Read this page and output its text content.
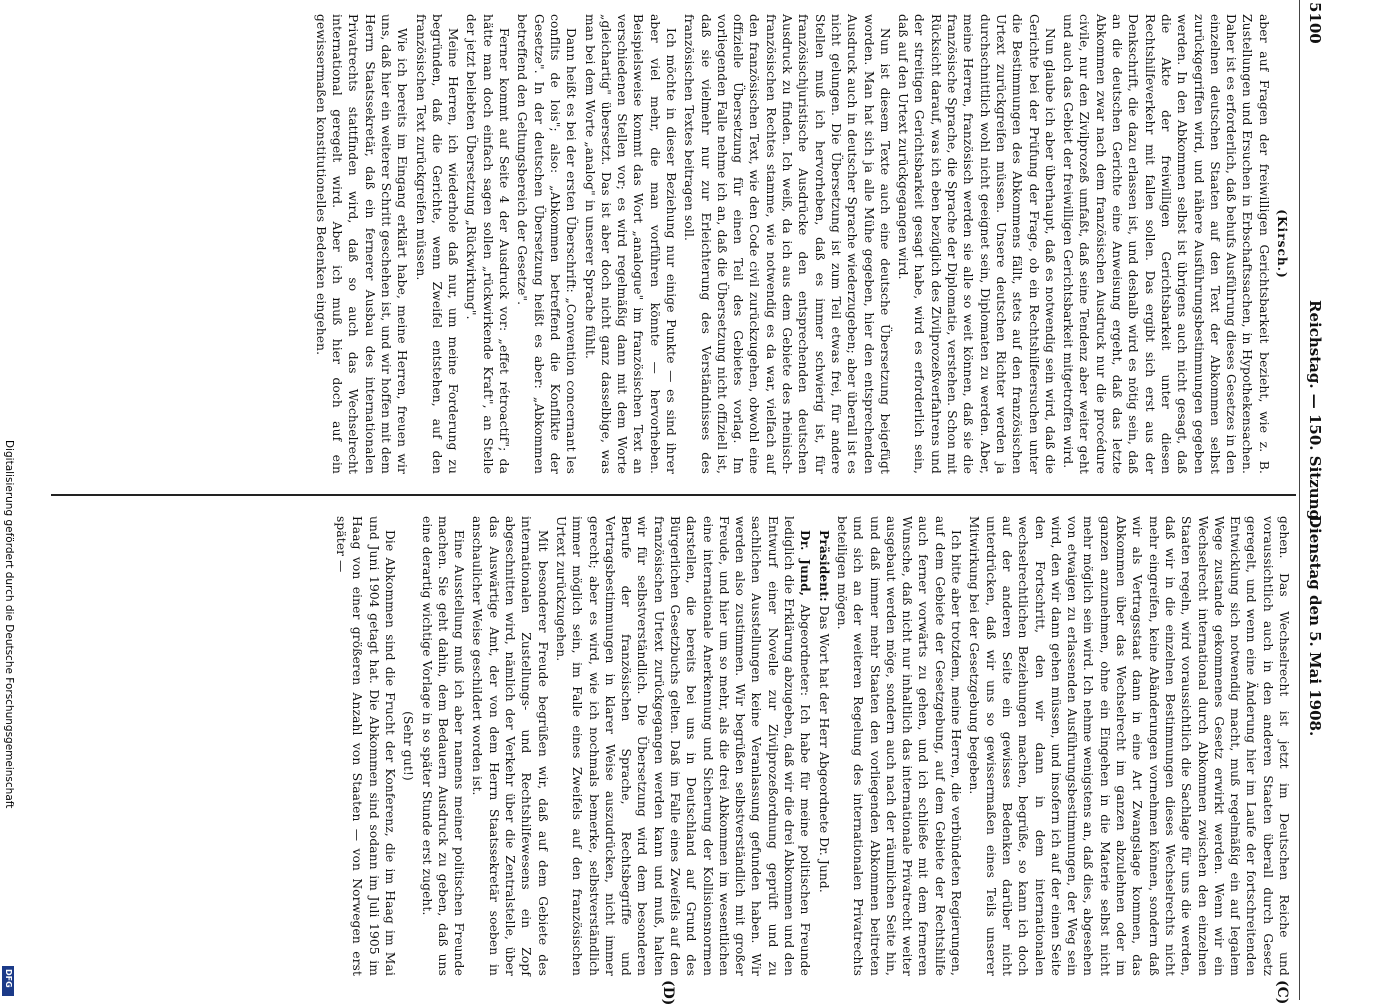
5100
Reichstag. — 150. Sitzung.
Dienstag den 5. Mai 1908.
(C)
(D)
(Kirsch.)

aber auf Fragen der freiwilligen Gerichtsbarkeit bezieht, wie z. B. Zustellungen und Ersuchen in Erbschaftssachen, in Hypothekensachen. Daher ist es erforderlich, daß behufs Ausführung dieses Gesetzes in den einzelnen deutschen Staaten auf den Text der Abkommen selbst zurückgegriffen wird, und nähere Ausführungsbestimmungen gegeben werden. In den Abkommen selbst ist übrigens auch nicht gesagt, daß die Akte der freiwilligen Gerichtsbarkeit unter diesen Rechtshilfeverkehr mit fallen sollen. Das ergibt sich erst aus der Denkschrift, die dazu erlassen ist, und deshalb wird es nötig sein, daß an die deutschen Gerichte eine Anweisung ergeht, daß das letzte Abkommen zwar nach dem französischen Ausdruck nur die procédure civile, nur den Zivilprozeß umfaßt, daß seine Tendenz aber weiter geht und auch das Gebiet der freiwilligen Gerichtsbarkeit mitgetroffen wird.

Nun glaube ich aber überhaupt, daß es notwendig sein wird, daß die Gerichte bei der Prüfung der Frage, ob ein Rechtshilfeersuchen unter die Bestimmungen des Abkommens fällt, stets auf den französischen Urtext zurückgreifen müssen. Unsere deutschen Richter werden ja durchschnittlich wohl nicht geeignet sein, Diplomaten zu werden. Aber, meine Herren, französisch werden sie alle so weit können, daß sie die französische Sprache, die Sprache der Diplomatie, verstehen. Schon mit Rücksicht darauf, was ich eben bezüglich des Zivilprozeßverfahrens und der streitigen Gerichtsbarkeit gesagt habe, wird es erforderlich sein, daß auf den Urtext zurückgegangen wird.

Nun ist diesem Texte auch eine deutsche Übersetzung beigefügt worden. Man hat sich ja alle Mühe gegeben, hier den entsprechenden Ausdruck auch in deutscher Sprache wiederzugeben; aber überall ist es nicht gelungen. Die Übersetzung ist zum Teil etwas frei, für andere Stellen muß ich hervorheben, daß es immer schwierig ist, für französischjuristische Ausdrücke den entsprechenden deutschen Ausdruck zu finden. Ich weiß, da ich aus dem Gebiete des rheinisch-französischen Rechtes stamme, wie notwendig es da war, vielfach auf den französischen Text, wie den Code civil zurückzugehen, obwohl eine offizielle Übersetzung für einen Teil des Gebietes vorlag. Im vorliegenden Falle nehme ich an, daß die Übersetzung nicht offiziell ist, daß sie vielmehr nur zur Erleichterung des Verständnisses des französischen Textes beitragen soll.

Ich möchte in dieser Beziehung nur einige Punkte — es sind ihrer aber viel mehr, die man vorführen könnte — hervorheben. Beispielsweise kommt das Wort „analogue" im französischen Text an verschiedenen Stellen vor; es wird regelmäßig dann mit dem Worte „gleichartig" übersetzt. Das ist aber doch nicht ganz dasselbige, was man bei dem Worte „analog" in unserer Sprache fühlt.

Dann heißt es bei der ersten Überschrift: „Convention concernant les conflits de lois"; also: „Abkommen betreffend die Konflikte der Gesetze". In der deutschen Übersetzung heißt es aber: „Abkommen betreffend den Geltungsbereich der Gesetze".

Ferner kommt auf Seite 4 der Ausdruck vor: „effet rétroactif"; da hätte man doch einfach sagen sollen „rückwirkende Kraft", an Stelle der jetzt beliebten Übersetzung „Rückwirkung".

Meine Herren, ich wiederhole daß nur, um meine Forderung zu begründen, daß die Gerichte, wenn Zweifel entstehen, auf den französischen Text zurückgreifen müssen.

Wie ich bereits im Eingang erklärt habe, meine Herren, freuen wir uns, daß hier ein weiterer Schritt geschehen ist, und wir hoffen mit dem Herrn Staatssekretär, daß ein fernerer Ausbau des internationalen Privatrechts stattfinden wird, daß so auch das Wechselrecht international geregelt wird. Aber ich muß hier doch auf ein gewissermaßen konstitutionelles Bedenken eingehen.

gehen. Das Wechselrecht ist jetzt im Deutschen Reiche und voraussichtlich auch in den anderen Staaten überall durch Gesetz geregelt, und wenn eine Änderung hier im Laufe der fortschreitenden Entwicklung sich notwendig macht, muß regelmäßig ein auf legalem Wege zustande gekommenes Gesetz erwirkt werden. Wenn wir ein Wechselrecht international durch Abkommen zwischen den einzelnen Staaten regeln, wird voraussichtlich die Sachlage für uns die werden, daß wir in die einzelnen Bestimmungen dieses Wechselrechts nicht mehr eingreifen, keine Abänderungen vornehmen können, sondern daß wir als Vertragsstaat dann in eine Art Zwangslage kommen, das Abkommen über das Wechselrecht im ganzen abzulehnen oder im ganzen anzunehmen, ohne ein Eingehen in die Materie selbst nicht mehr möglich sein wird. Ich nehme wenigstens an, daß dies, abgesehen von etwaigen zu erlassenden Ausführungsbestimmungen, der Weg sein wird, den wir dann gehen müssen, und insofern ich auf der einen Seite den Fortschritt, den wir dann in dem internationalen wechselrechtlichen Beziehungen machen, begrüße, so kann ich doch auf der anderen Seite ein gewisses Bedenken darüber nicht unterdrücken, daß wir uns so gewissermaßen eines Teils unserer Mitwirkung bei der Gesetzgebung begeben.

Ich bitte aber trotzdem, meine Herren, die verbündeten Regierungen, auf dem Gebiete der Gesetzgebung, auf dem Gebiete der Rechtshilfe auch ferner vorwärts zu gehen, und ich schließe mit dem ferneren Wunsche, daß nicht nur inhaltlich das internationale Privatrecht weiter ausgebaut werden möge, sondern auch nach der räumlichen Seite hin, und daß immer mehr Staaten den vorliegenden Abkommen beitreten und sich an der weiteren Regelung des internationalen Privatrechts beteiligen mögen.

Präsident: Das Wort hat der Herr Abgeordnete Dr. Jund.

Dr. Jund, Abgeordneter: Ich habe für meine politischen Freunde lediglich die Erklärung abzugeben, daß wir die drei Abkommen und den Entwurf einer Novelle zur Zivilprozeßordnung geprüft und zu sachlichen Ausstellungen keine Veranlassung gefunden haben. Wir werden also zustimmen. Wir begrüßen selbstverständlich mit großer Freude, und hier um so mehr, als die drei Abkommen im wesentlichen eine internationale Anerkennung und Sicherung der Kollisionsnormen darstellen, die bereits bei uns in Deutschland auf Grund des Bürgerlichen Gesetzbuchs gelten. Daß im Falle eines Zweifels auf den französischen Urtext zurückgegangen werden kann und muß, halten wir für selbstverständlich. Die Übersetzung wird dem besonderen Berufe der französischen Sprache, Rechtsbegriffe und Vertragsbestimmungen in klarer Weise auszudrücken, nicht immer gerecht; aber es wird, wie ich nochmals bemerke, selbstverständlich immer möglich sein, im Falle eines Zweifels auf den französischen Urtext zurückzugehen.

Mit besonderer Freude begrüßen wir, daß auf dem Gebiete des internationalen Zustellungs- und Rechtshilfewesens ein Zopf abgeschnitten wird, nämlich der Verkehr über die Zentralstelle, über das Auswärtige Amt, der von dem Herrn Staatssekretär soeben in anschaulicher Weise geschildert worden ist.

Eine Ausstellung muß ich aber namens meiner politischen Freunde machen. Sie geht dahin, dem Bedauern Ausdruck zu geben, daß uns eine derartig wichtige Vorlage in so später Stunde erst zugeht.

(Sehr gut!)

Die Abkommen sind die Frucht der Konferenz, die im Haag im Mai und Juni 1904 getagt hat. Die Abkommen sind sodann im Juli 1905 im Haag von einer größeren Anzahl von Staaten — von Norwegen erst später —

Digitalisierung gefördert durch die Deutsche Forschungsgemeinschaft
DFG
